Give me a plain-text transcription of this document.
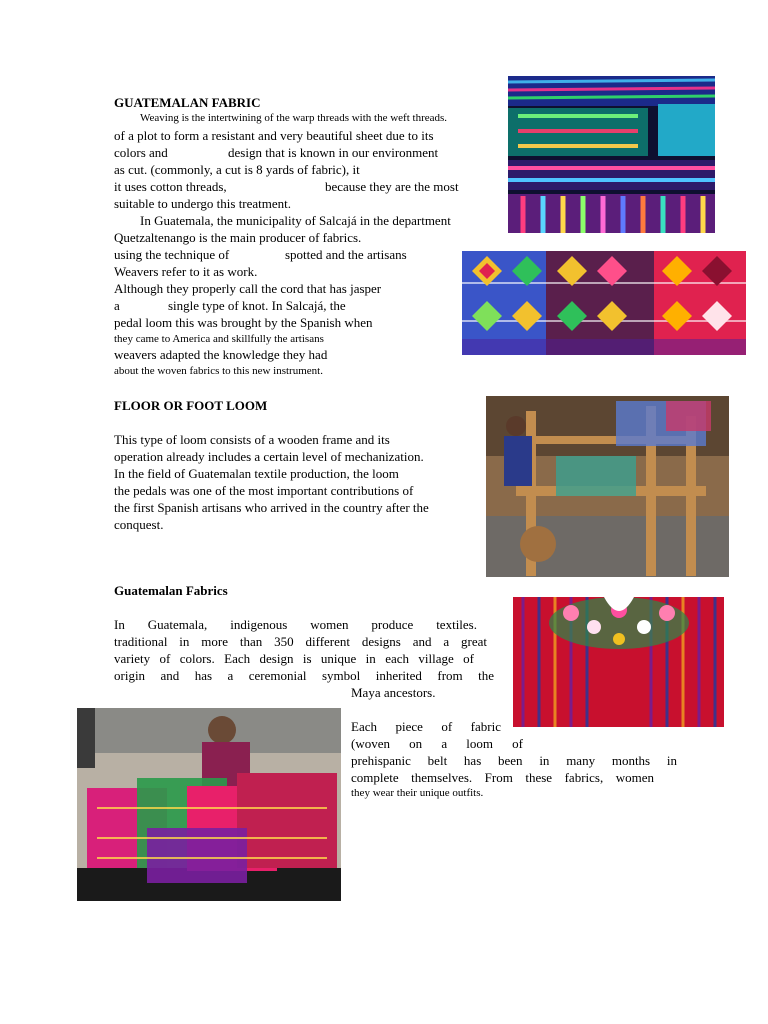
GUATEMALAN FABRIC
Weaving is the intertwining of the warp threads with the weft threads.
of a plot to form a resistant and very beautiful sheet due to its
colors and	design that is known in our environment
as cut. (commonly, a cut is 8 yards of fabric), it
it uses cotton threads,	because they are the most
suitable to undergo this treatment.
In Guatemala, the municipality of Salcajá in the department
Quetzaltenango is the main producer of fabrics.
using the technique of	spotted and the artisans
Weavers refer to it as work.
Although they properly call the cord that has jasper
a	single type of knot. In Salcajá, the
pedal loom this was brought by the Spanish when
they came to America and skillfully the artisans
weavers adapted the knowledge they had
about the woven fabrics to this new instrument.
FLOOR OR FOOT LOOM
This type of loom consists of a wooden frame and its
operation already includes a certain level of mechanization.
In the field of Guatemalan textile production, the loom
the pedals was one of the most important contributions of
the first Spanish artisans who arrived in the country after the
conquest.
Guatemalan Fabrics
In Guatemala, indigenous women produce textiles.
traditional in more than 350 different designs and a great
variety of colors. Each design is unique in each village of
origin and has a ceremonial symbol inherited from the
Maya ancestors.
Each piece of fabric
(woven on a loom of
prehispanic belt has been in many months in
complete themselves. From these fabrics, women
they wear their unique outfits.
